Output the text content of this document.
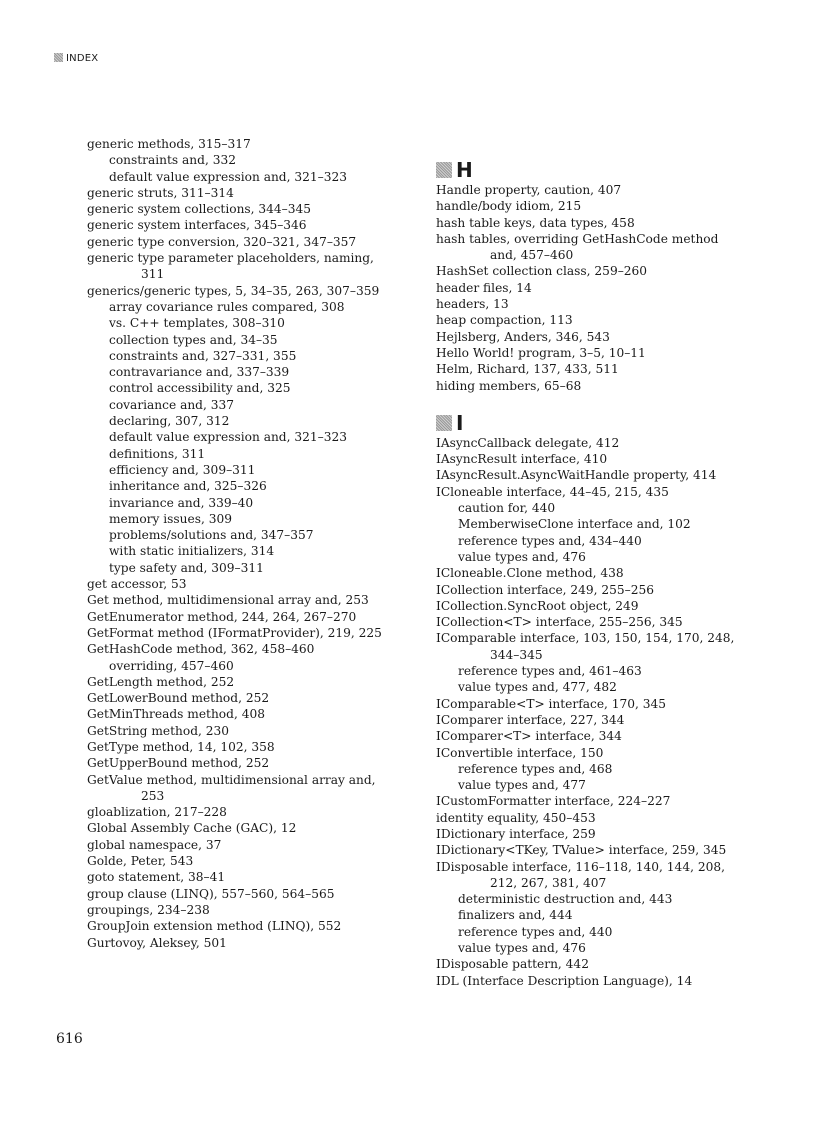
INDEX
generic methods, 315–317
constraints and, 332
default value expression and, 321–323
generic struts, 311–314
generic system collections, 344–345
generic system interfaces, 345–346
generic type conversion, 320–321, 347–357
generic type parameter placeholders, naming, 311
generics/generic types, 5, 34–35, 263, 307–359
array covariance rules compared, 308
vs. C++ templates, 308–310
collection types and, 34–35
constraints and, 327–331, 355
contravariance and, 337–339
control accessibility and, 325
covariance and, 337
declaring, 307, 312
default value expression and, 321–323
definitions, 311
efficiency and, 309–311
inheritance and, 325–326
invariance and, 339–40
memory issues, 309
problems/solutions and, 347–357
with static initializers, 314
type safety and, 309–311
get accessor, 53
Get method, multidimensional array and, 253
GetEnumerator method, 244, 264, 267–270
GetFormat method (IFormatProvider), 219, 225
GetHashCode method, 362, 458–460
overriding, 457–460
GetLength method, 252
GetLowerBound method, 252
GetMinThreads method, 408
GetString method, 230
GetType method, 14, 102, 358
GetUpperBound method, 252
GetValue method, multidimensional array and, 253
gloablization, 217–228
Global Assembly Cache (GAC), 12
global namespace, 37
Golde, Peter, 543
goto statement, 38–41
group clause (LINQ), 557–560, 564–565
groupings, 234–238
GroupJoin extension method (LINQ), 552
Gurtovoy, Aleksey, 501
H
Handle property, caution, 407
handle/body idiom, 215
hash table keys, data types, 458
hash tables, overriding GetHashCode method and, 457–460
HashSet collection class, 259–260
header files, 14
headers, 13
heap compaction, 113
Hejlsberg, Anders, 346, 543
Hello World! program, 3–5, 10–11
Helm, Richard, 137, 433, 511
hiding members, 65–68
I
IAsyncCallback delegate, 412
IAsyncResult interface, 410
IAsyncResult.AsyncWaitHandle property, 414
ICloneable interface, 44–45, 215, 435
caution for, 440
MemberwiseClone interface and, 102
reference types and, 434–440
value types and, 476
ICloneable.Clone method, 438
ICollection interface, 249, 255–256
ICollection.SyncRoot object, 249
ICollection<T> interface, 255–256, 345
IComparable interface, 103, 150, 154, 170, 248, 344–345
reference types and, 461–463
value types and, 477, 482
IComparable<T> interface, 170, 345
IComparer interface, 227, 344
IComparer<T> interface, 344
IConvertible interface, 150
reference types and, 468
value types and, 477
ICustomFormatter interface, 224–227
identity equality, 450–453
IDictionary interface, 259
IDictionary<TKey, TValue> interface, 259, 345
IDisposable interface, 116–118, 140, 144, 208, 212, 267, 381, 407
deterministic destruction and, 443
finalizers and, 444
reference types and, 440
value types and, 476
IDisposable pattern, 442
IDL (Interface Description Language), 14
616
